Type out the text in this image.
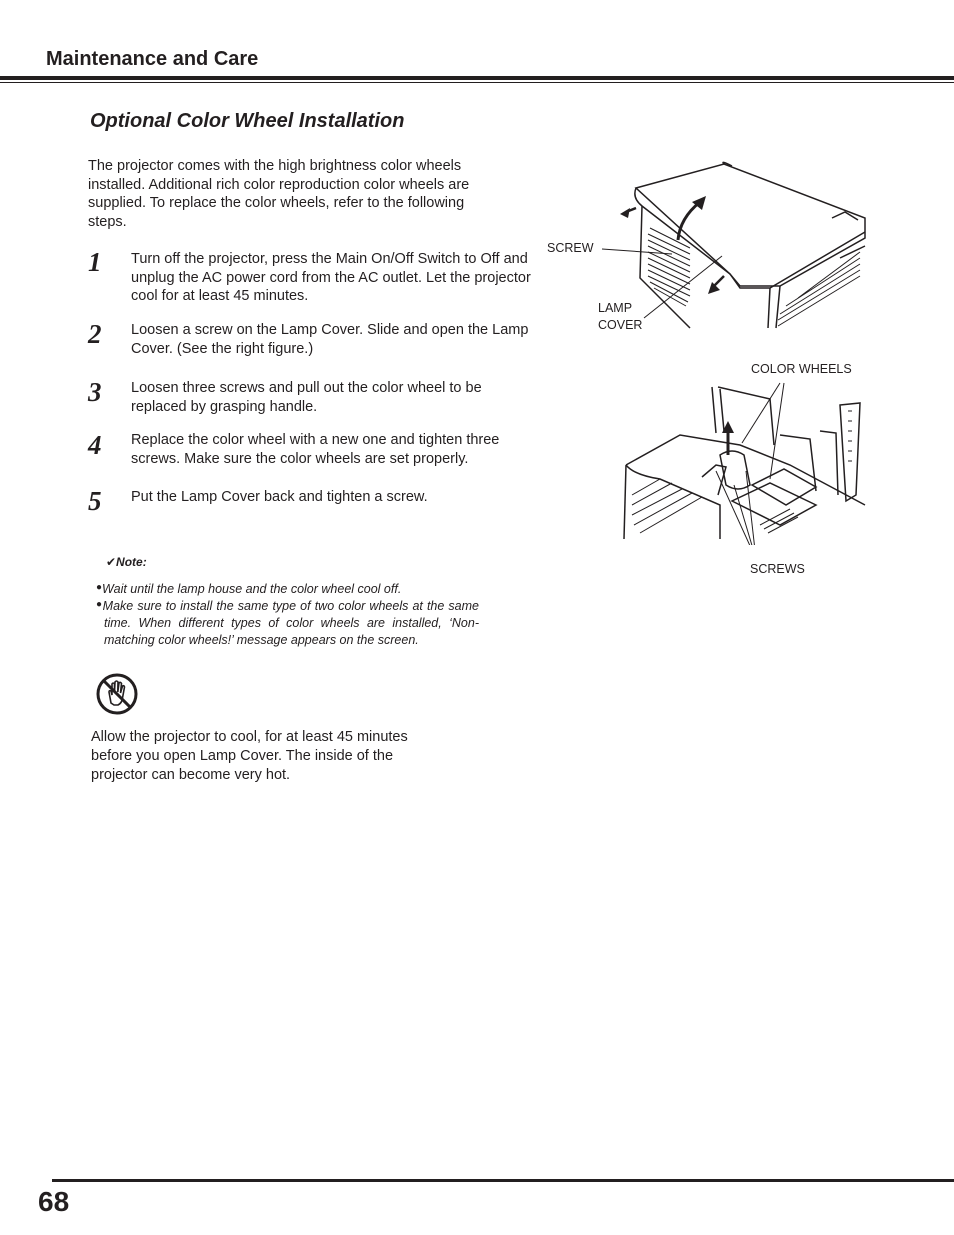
Maintenance and Care
Optional Color Wheel Installation
The projector comes with the high brightness color wheels installed. Additional rich color reproduction color wheels are supplied. To replace the color wheels, refer to the following steps.
1 Turn off the projector, press the Main On/Off Switch to Off and unplug the AC power cord from the AC outlet. Let the projector cool for at least 45 minutes.
2 Loosen a screw on the Lamp Cover. Slide and open the Lamp Cover. (See the right figure.)
3 Loosen three screws and pull out the color wheel to be replaced by grasping handle.
4 Replace the color wheel with a new one and tighten three screws. Make sure the color wheels are set properly.
5 Put the Lamp Cover back and tighten a screw.
✔Note:
●Wait until the lamp house and the color wheel cool off.
●Make sure to install the same type of two color wheels at the same time. When different types of color wheels are installed, ‘Non-matching color wheels!’ message appears on the screen.
Allow the projector to cool, for at least 45 minutes before you open Lamp Cover. The inside of the projector can become very hot.
SCREW
LAMP
COVER
COLOR WHEELS
SCREWS
68
